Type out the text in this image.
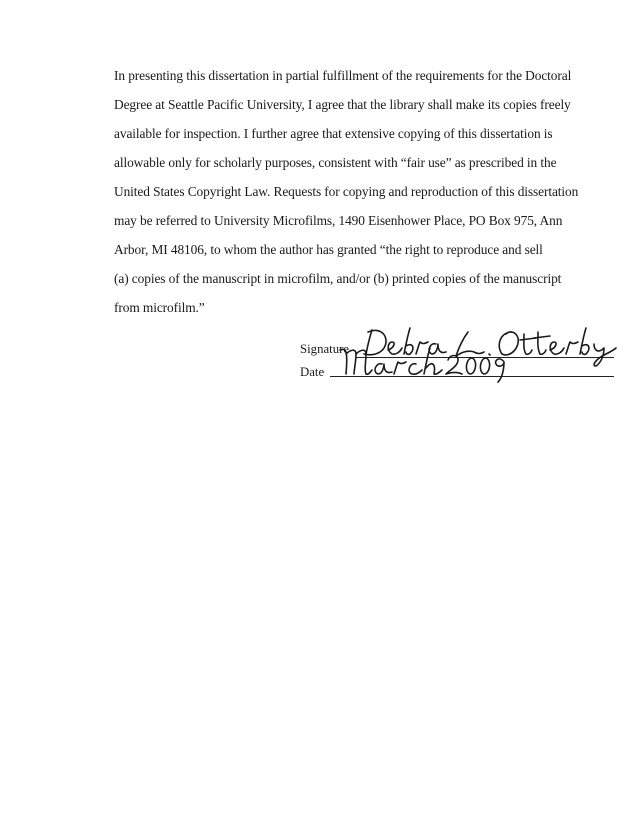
In presenting this dissertation in partial fulfillment of the requirements for the Doctoral
Degree at Seattle Pacific University, I agree that the library shall make its copies freely
available for inspection. I further agree that extensive copying of this dissertation is
allowable only for scholarly purposes, consistent with “fair use” as prescribed in the
United States Copyright Law. Requests for copying and reproduction of this dissertation
may be referred to University Microfilms, 1490 Eisenhower Place, PO Box 975, Ann
Arbor, MI 48106, to whom the author has granted “the right to reproduce and sell
(a) copies of the manuscript in microfilm, and/or (b) printed copies of the manuscript
from microfilm.”
Signature
Date
